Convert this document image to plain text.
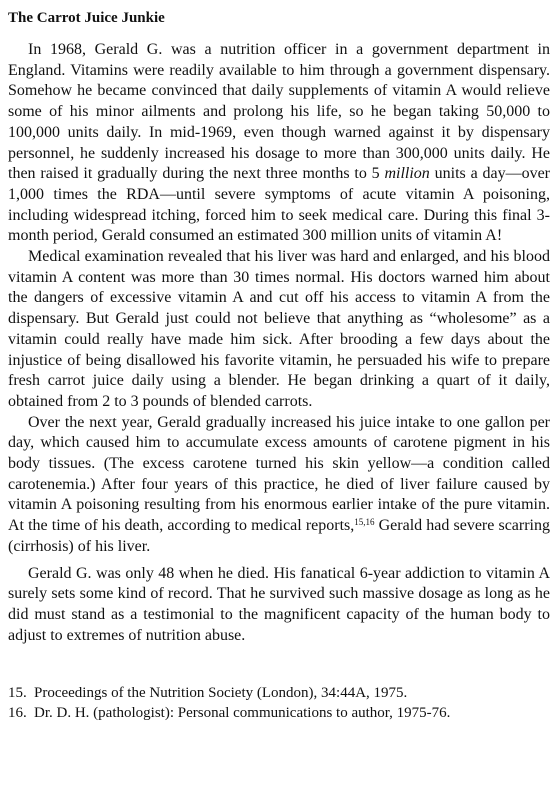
The Carrot Juice Junkie

In 1968, Gerald G. was a nutrition officer in a government department in England. Vitamins were readily available to him through a government dispensary. Somehow he became convinced that daily supplements of vitamin A would relieve some of his minor ailments and prolong his life, so he began taking 50,000 to 100,000 units daily. In mid-1969, even though warned against it by dispensary personnel, he suddenly increased his dosage to more than 300,000 units daily. He then raised it gradually during the next three months to 5 million units a day—over 1,000 times the RDA—until severe symptoms of acute vitamin A poisoning, including widespread itching, forced him to seek medical care. During this final 3-month period, Gerald consumed an estimated 300 million units of vitamin A!

Medical examination revealed that his liver was hard and enlarged, and his blood vitamin A content was more than 30 times normal. His doctors warned him about the dangers of excessive vitamin A and cut off his access to vitamin A from the dispensary. But Gerald just could not believe that anything as “wholesome” as a vitamin could really have made him sick. After brooding a few days about the injustice of being disallowed his favorite vitamin, he persuaded his wife to prepare fresh carrot juice daily using a blender. He began drinking a quart of it daily, obtained from 2 to 3 pounds of blended carrots.

Over the next year, Gerald gradually increased his juice intake to one gallon per day, which caused him to accumulate excess amounts of carotene pigment in his body tissues. (The excess carotene turned his skin yellow—a condition called carotenemia.) After four years of this practice, he died of liver failure caused by vitamin A poisoning resulting from his enormous earlier intake of the pure vitamin. At the time of his death, according to medical reports,$^{15,16}$ Gerald had severe scarring (cirrhosis) of his liver.

Gerald G. was only 48 when he died. His fanatical 6-year addiction to vitamin A surely sets some kind of record. That he survived such massive dosage as long as he did must stand as a testimonial to the magnificent capacity of the human body to adjust to extremes of nutrition abuse.

15. Proceedings of the Nutrition Society (London), 34:44A, 1975.
16. Dr. D. H. (pathologist): Personal communications to author, 1975-76.
